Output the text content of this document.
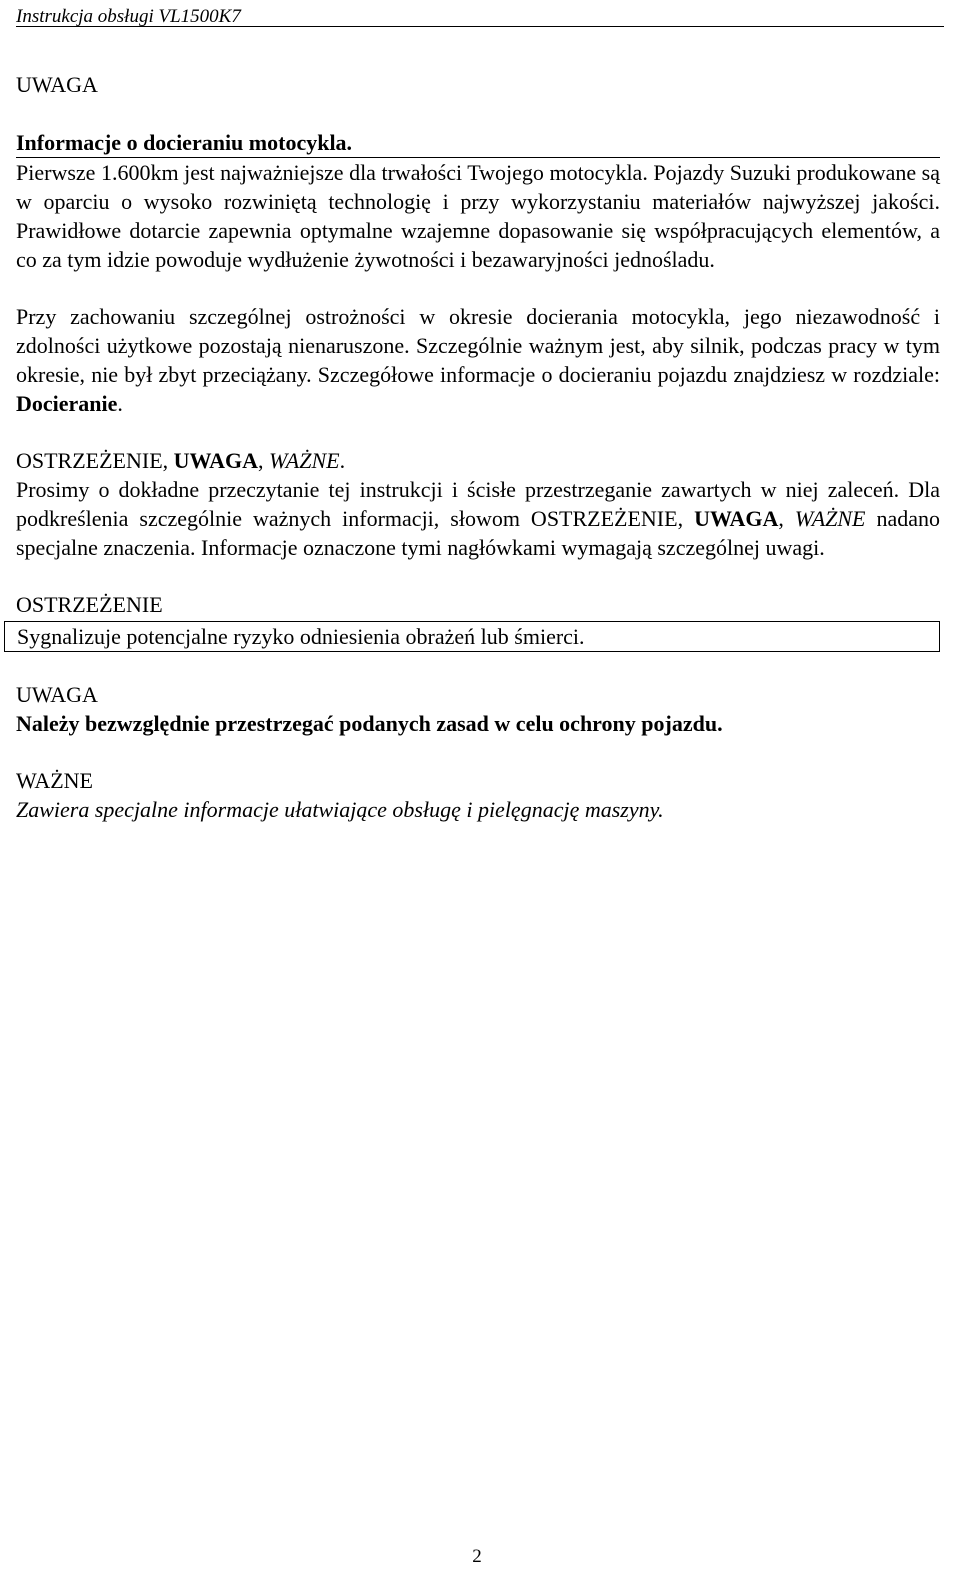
Instrukcja obsługi VL1500K7

UWAGA

Informacje o docieraniu motocykla.

Pierwsze 1.600km jest najważniejsze dla trwałości Twojego motocykla. Pojazdy Suzuki produkowane są w oparciu o wysoko rozwiniętą technologię i przy wykorzystaniu materiałów najwyższej jakości. Prawidłowe dotarcie zapewnia optymalne wzajemne dopasowanie się współpracujących elementów, a co za tym idzie powoduje wydłużenie żywotności i bezawaryjności jednośladu.

Przy zachowaniu szczególnej ostrożności w okresie docierania motocykla, jego niezawodność i zdolności użytkowe pozostają nienaruszone. Szczególnie ważnym jest, aby silnik, podczas pracy w tym okresie, nie był zbyt przeciążany. Szczegółowe informacje o docieraniu pojazdu znajdziesz w rozdziale: Docieranie.

OSTRZEŻENIE, UWAGA, WAŻNE.

Prosimy o dokładne przeczytanie tej instrukcji i ścisłe przestrzeganie zawartych w niej zaleceń. Dla podkreślenia szczególnie ważnych informacji, słowom OSTRZEŻENIE, UWAGA, WAŻNE nadano specjalne znaczenia. Informacje oznaczone tymi nagłówkami wymagają szczególnej uwagi.

OSTRZEŻENIE

Sygnalizuje potencjalne ryzyko odniesienia obrażeń lub śmierci.

UWAGA

Należy bezwzględnie przestrzegać podanych zasad w celu ochrony pojazdu.

WAŻNE

Zawiera specjalne informacje ułatwiające obsługę i pielęgnację maszyny.

2
